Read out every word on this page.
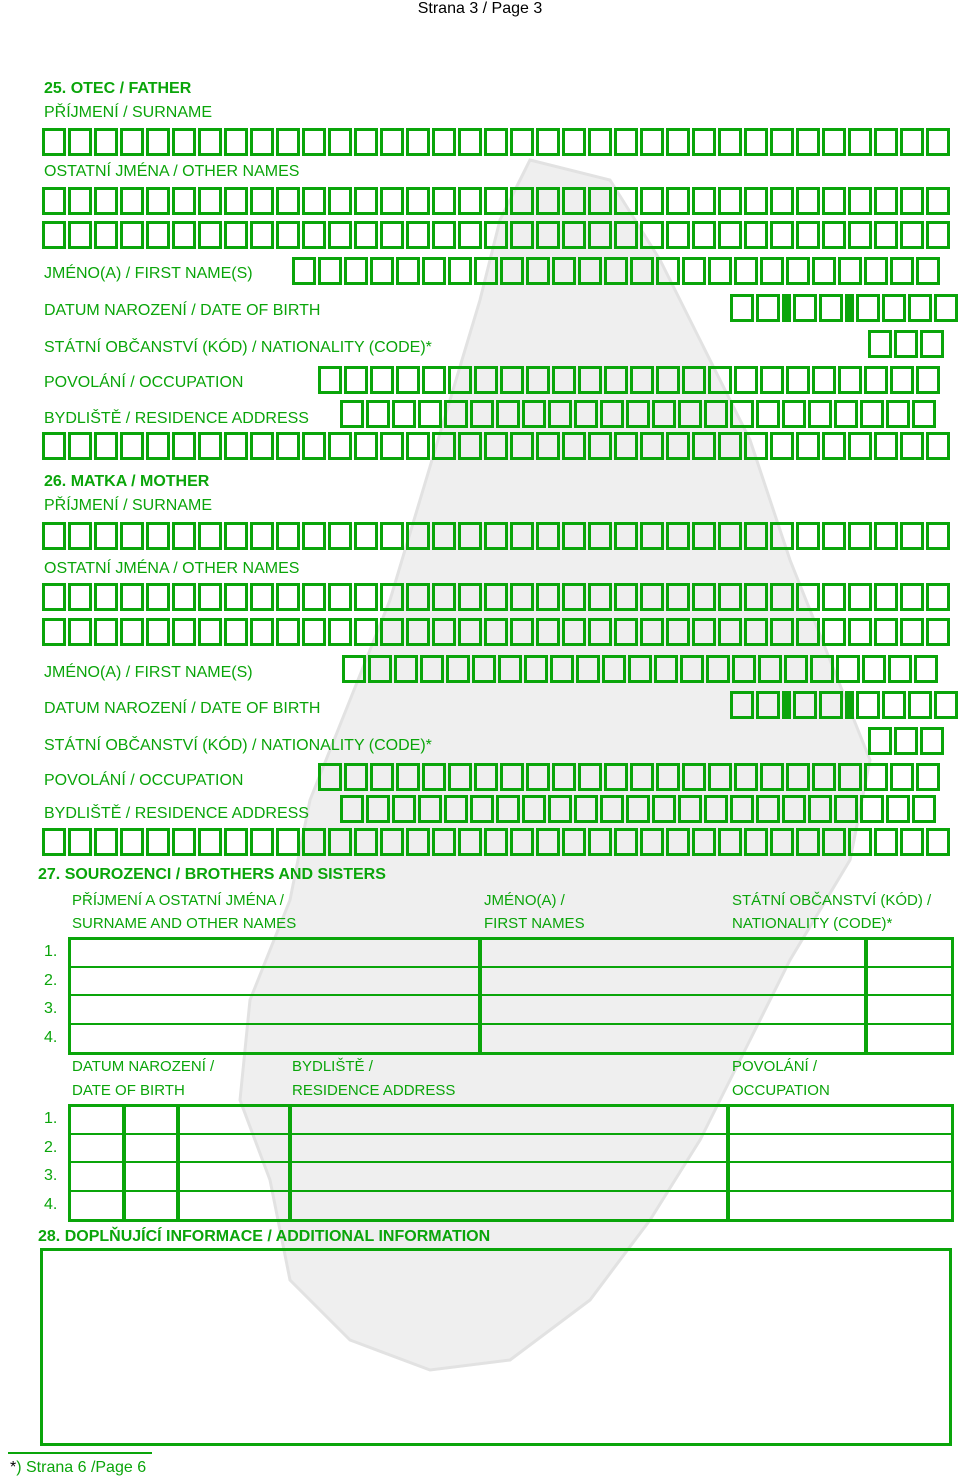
Strana 3 / Page 3
25. OTEC / FATHER
PŘÍJMENÍ / SURNAME
OSTATNÍ JMÉNA / OTHER NAMES
JMÉNO(A) / FIRST NAME(S)
DATUM NAROZENÍ / DATE OF BIRTH
STÁTNÍ OBČANSTVÍ (KÓD) / NATIONALITY (CODE)*
POVOLÁNÍ / OCCUPATION
BYDLIŠTĚ / RESIDENCE ADDRESS
26. MATKA / MOTHER
PŘÍJMENÍ / SURNAME
OSTATNÍ JMÉNA / OTHER NAMES
JMÉNO(A) / FIRST NAME(S)
DATUM NAROZENÍ / DATE OF BIRTH
STÁTNÍ OBČANSTVÍ (KÓD) / NATIONALITY (CODE)*
POVOLÁNÍ / OCCUPATION
BYDLIŠTĚ / RESIDENCE ADDRESS
27. SOUROZENCI / BROTHERS AND SISTERS
PŘÍJMENÍ A OSTATNÍ JMÉNA /
SURNAME AND OTHER NAMES
JMÉNO(A) /
FIRST NAMES
STÁTNÍ OBČANSTVÍ (KÓD) /
NATIONALITY (CODE)*
1.
2.
3.
4.
DATUM NAROZENÍ /
DATE OF BIRTH
BYDLIŠTĚ /
RESIDENCE ADDRESS
POVOLÁNÍ /
OCCUPATION
1.
2.
3.
4.
28. DOPLŇUJÍCÍ INFORMACE / ADDITIONAL INFORMATION
*) Strana 6 /Page 6
